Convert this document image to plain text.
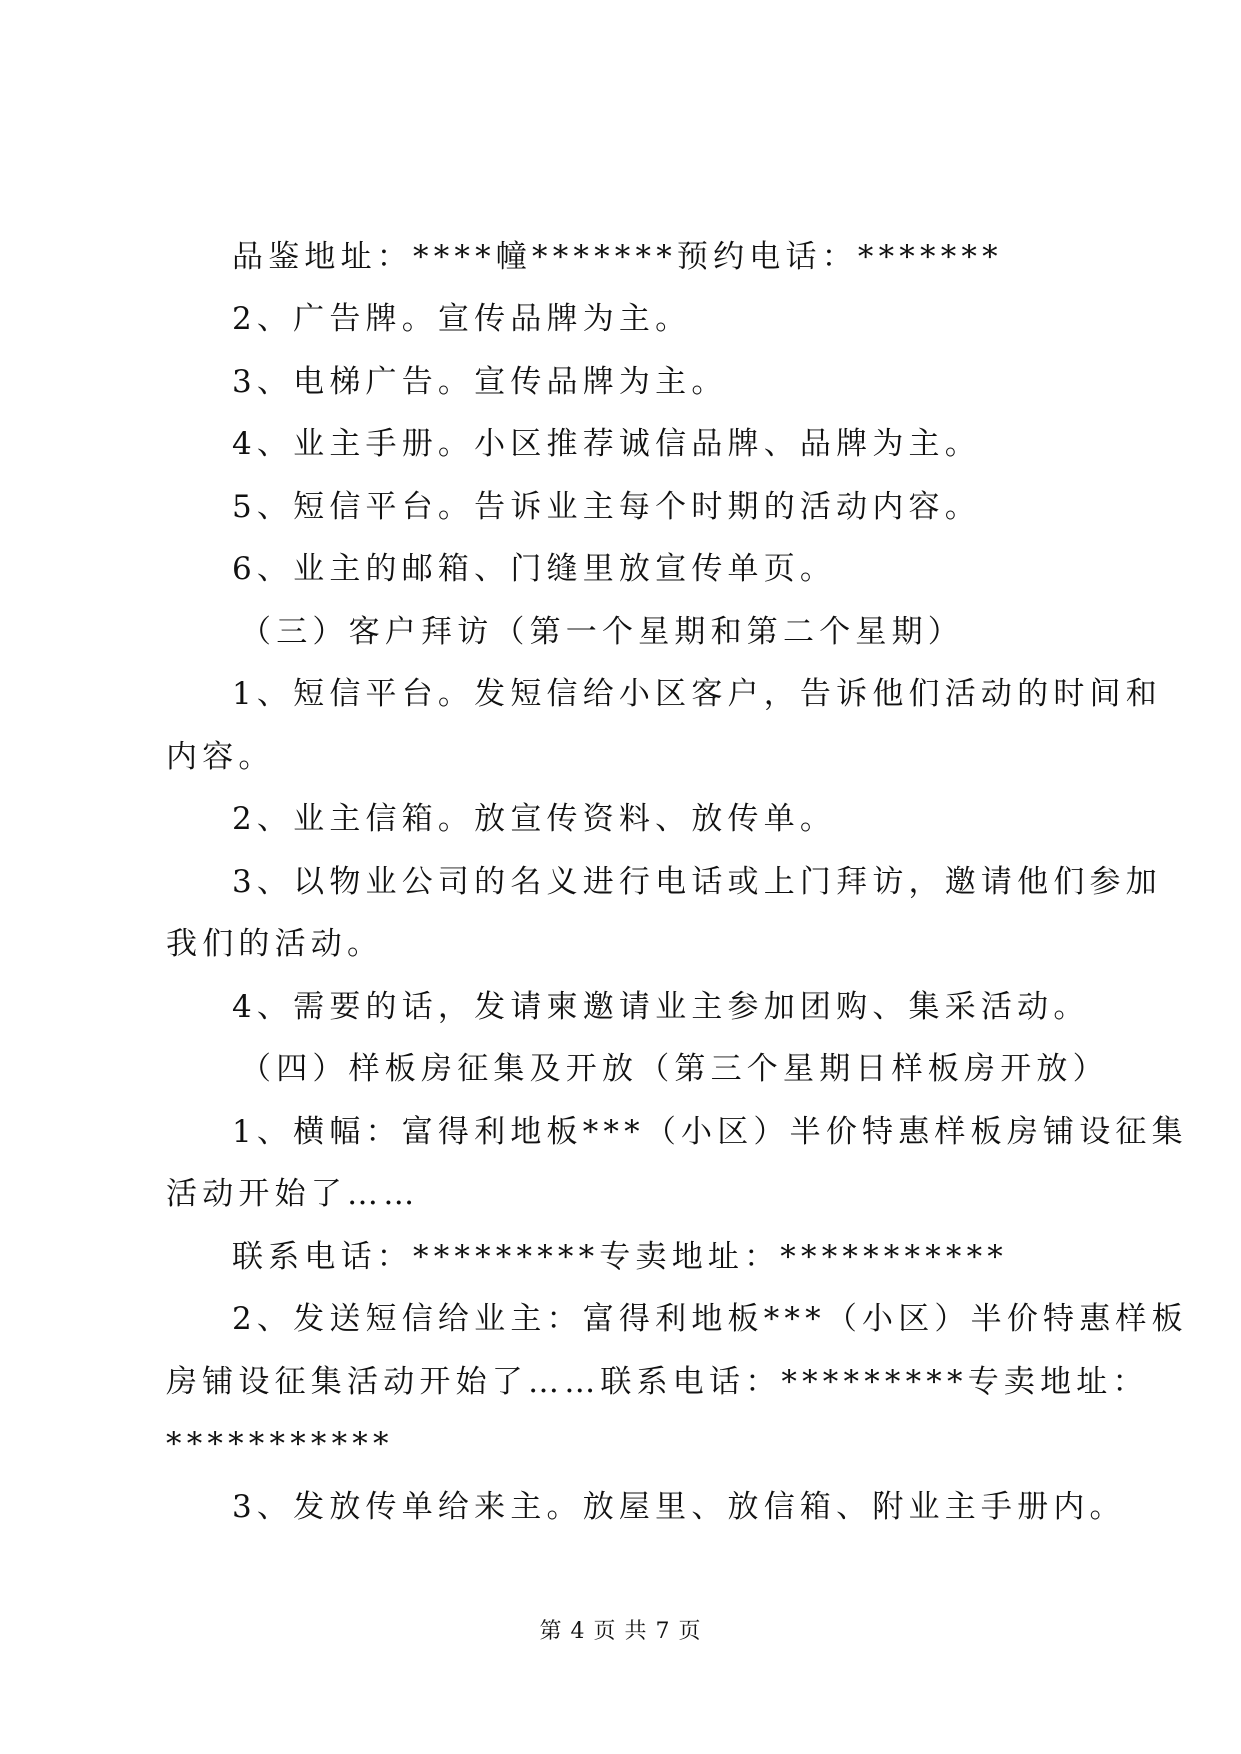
品鉴地址：****幢*******预约电话：*******
2、广告牌。宣传品牌为主。
3、电梯广告。宣传品牌为主。
4、业主手册。小区推荐诚信品牌、品牌为主。
5、短信平台。告诉业主每个时期的活动内容。
6、业主的邮箱、门缝里放宣传单页。
（三）客户拜访（第一个星期和第二个星期）
1、短信平台。发短信给小区客户，告诉他们活动的时间和
内容。
2、业主信箱。放宣传资料、放传单。
3、以物业公司的名义进行电话或上门拜访，邀请他们参加
我们的活动。
4、需要的话，发请柬邀请业主参加团购、集采活动。
（四）样板房征集及开放（第三个星期日样板房开放）
1、横幅：富得利地板***（小区）半价特惠样板房铺设征集
活动开始了……
联系电话：*********专卖地址：***********
2、发送短信给业主：富得利地板***（小区）半价特惠样板
房铺设征集活动开始了……联系电话：*********专卖地址：
***********
3、发放传单给来主。放屋里、放信箱、附业主手册内。
第 4 页 共 7 页
